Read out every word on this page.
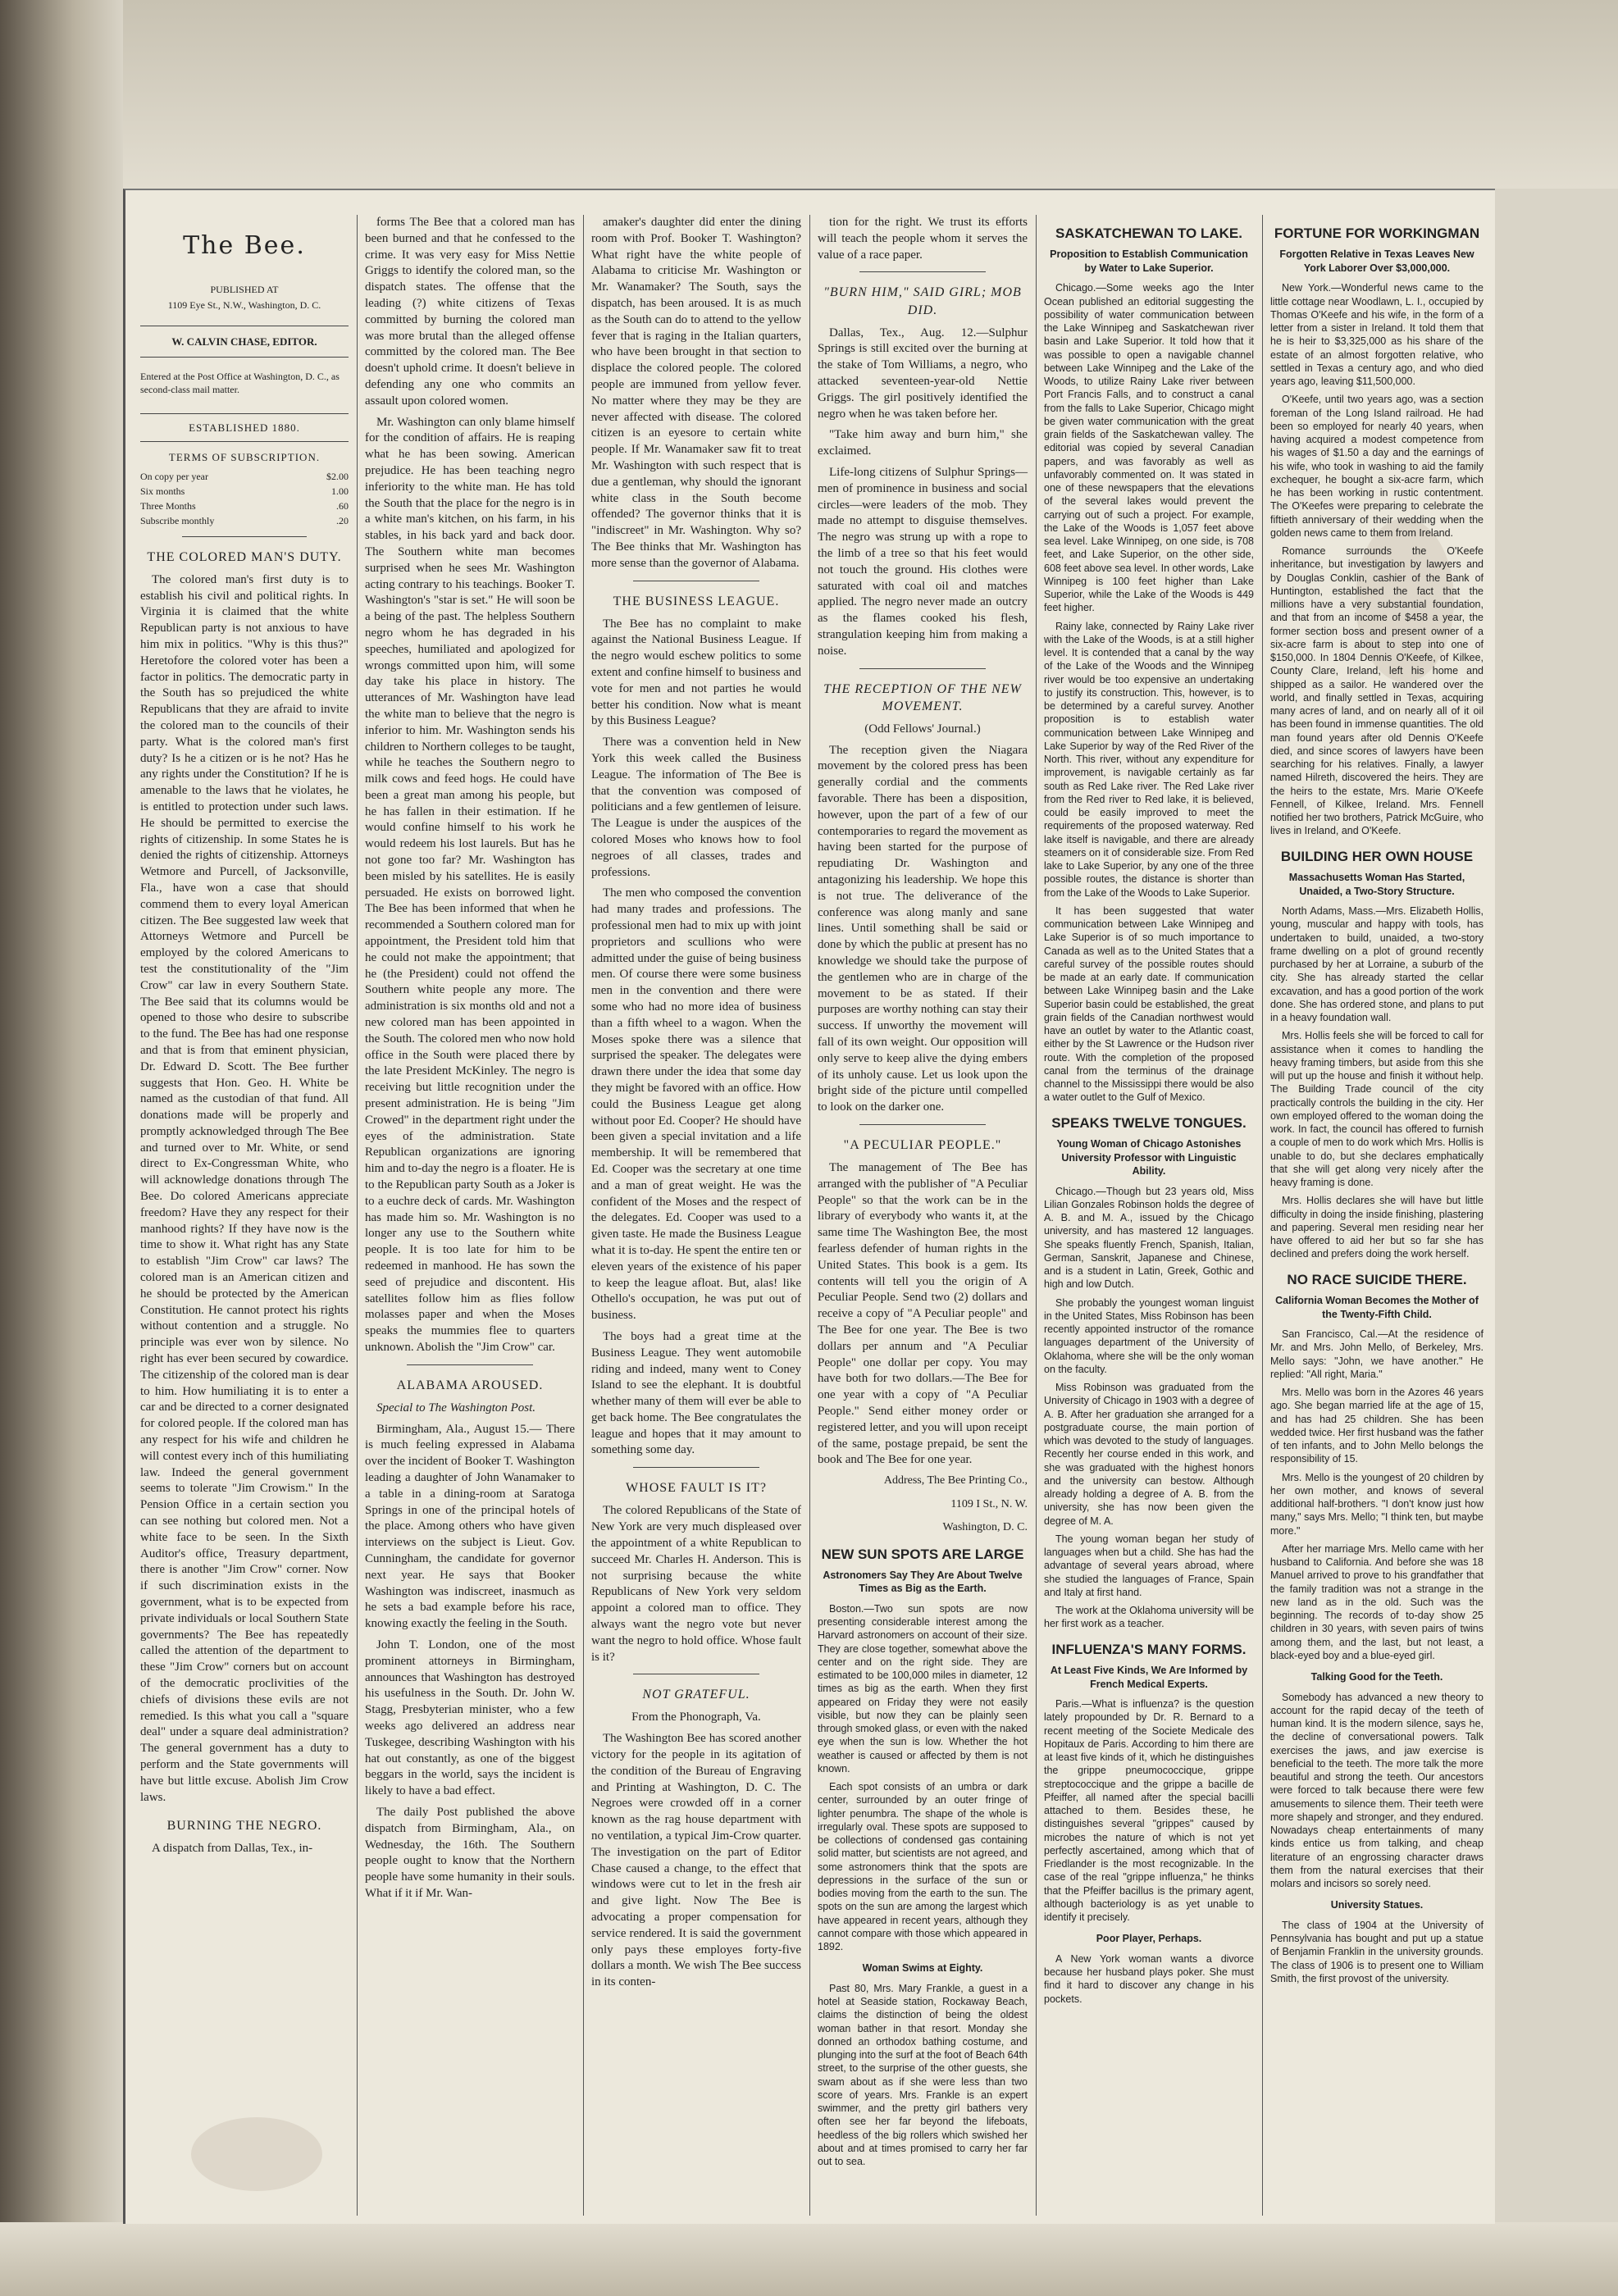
The Bee.
PUBLISHED AT
1109 Eye St., N.W., Washington, D. C.
W. CALVIN CHASE, EDITOR.
Entered at the Post Office at Washington, D. C., as second-class mail matter.
ESTABLISHED 1880.
TERMS OF SUBSCRIPTION.
On copy per year	$2.00
Six months	1.00
Three Months	.60
Subscribe monthly	.20
THE COLORED MAN'S DUTY.

The colored man's first duty is to establish his civil and political rights. In Virginia it is claimed that the white Republican party is not anxious to have him mix in politics. "Why is this thus?" Heretofore the colored voter has been a factor in politics. The democratic party in the South has so prejudiced the white Republicans that they are afraid to invite the colored man to the councils of their party. What is the colored man's first duty? Is he a citizen or is he not? Has he any rights under the Constitution? If he is amenable to the laws that he violates, he is entitled to protection under such laws. He should be permitted to exercise the rights of citizenship. In some States he is denied the rights of citizenship. Attorneys Wetmore and Purcell, of Jacksonville, Fla., have won a case that should commend them to every loyal American citizen. The Bee suggested law week that Attorneys Wetmore and Purcell be employed by the colored Americans to test the constitutionality of the "Jim Crow" car law in every Southern State. The Bee said that its columns would be opened to those who desire to subscribe to the fund. The Bee has had one response and that is from that eminent physician, Dr. Edward D. Scott. The Bee further suggests that Hon. Geo. H. White be named as the custodian of that fund. All donations made will be properly and promptly acknowledged through The Bee and turned over to Mr. White, or send direct to Ex-Congressman White, who will acknowledge donations through The Bee. Do colored Americans appreciate freedom? Have they any respect for their manhood rights? If they have now is the time to show it. What right has any State to establish "Jim Crow" car laws? The colored man is an American citizen and he should be protected by the American Constitution. He cannot protect his rights without contention and a struggle. No principle was ever won by silence. No right has ever been secured by cowardice. The citizenship of the colored man is dear to him. How humiliating it is to enter a car and be directed to a corner designated for colored people. If the colored man has any respect for his wife and children he will contest every inch of this humiliating law. Indeed the general government seems to tolerate "Jim Crowism." In the Pension Office in a certain section you can see nothing but colored men. Not a white face to be seen. In the Sixth Auditor's office, Treasury department, there is another "Jim Crow" corner. Now if such discrimination exists in the government, what is to be expected from private individuals or local Southern State governments? The Bee has repeatedly called the attention of the department to these "Jim Crow" corners but on account of the democratic proclivities of the chiefs of divisions these evils are not remedied. Is this what you call a "square deal" under a square deal administration? The general government has a duty to perform and the State governments will have but little excuse. Abolish Jim Crow laws.

BURNING THE NEGRO.

A dispatch from Dallas, Tex., in-

forms The Bee that a colored man has been burned and that he confessed to the crime. It was very easy for Miss Nettie Griggs to identify the colored man, so the dispatch states. The offense that the leading (?) white citizens of Texas committed by burning the colored man was more brutal than the alleged offense committed by the colored man. The Bee doesn't uphold crime. It doesn't believe in defending any one who commits an assault upon colored women.

Mr. Washington can only blame himself for the condition of affairs. He is reaping what he has been sowing. American prejudice. He has been teaching negro inferiority to the white man. He has told the South that the place for the negro is in a white man's kitchen, on his farm, in his stables, in his back yard and back door. The Southern white man becomes surprised when he sees Mr. Washington acting contrary to his teachings. Booker T. Washington's "star is set." He will soon be a being of the past. The helpless Southern negro whom he has degraded in his speeches, humiliated and apologized for wrongs committed upon him, will some day take his place in history. The utterances of Mr. Washington have lead the white man to believe that the negro is inferior to him. Mr. Washington sends his children to Northern colleges to be taught, while he teaches the Southern negro to milk cows and feed hogs. He could have been a great man among his people, but he has fallen in their estimation. If he would confine himself to his work he would redeem his lost laurels. But has he not gone too far? Mr. Washington has been misled by his satellites. He is easily persuaded. He exists on borrowed light. The Bee has been informed that when he recommended a Southern colored man for appointment, the President told him that he could not make the appointment; that he (the President) could not offend the Southern white people any more. The administration is six months old and not a new colored man has been appointed in the South. The colored men who now hold office in the South were placed there by the late President McKinley. The negro is receiving but little recognition under the present administration. He is being "Jim Crowed" in the department right under the eyes of the administration. State Republican organizations are ignoring him and to-day the negro is a floater. He is to the Republican party South as a Joker is to a euchre deck of cards. Mr. Washington has made him so. Mr. Washington is no longer any use to the Southern white people. It is too late for him to be redeemed in manhood. He has sown the seed of prejudice and discontent. His satellites follow him as flies follow molasses paper and when the Moses speaks the mummies flee to quarters unknown. Abolish the "Jim Crow" car.

ALABAMA AROUSED.

Special to The Washington Post.

Birmingham, Ala., August 15.— There is much feeling expressed in Alabama over the incident of Booker T. Washington leading a daughter of John Wanamaker to a table in a dining-room at Saratoga Springs in one of the principal hotels of the place. Among others who have given interviews on the subject is Lieut. Gov. Cunningham, the candidate for governor next year. He says that Booker Washington was indiscreet, inasmuch as he sets a bad example before his race, knowing exactly the feeling in the South.

John T. London, one of the most prominent attorneys in Birmingham, announces that Washington has destroyed his usefulness in the South. Dr. John W. Stagg, Presbyterian minister, who a few weeks ago delivered an address near Tuskegee, describing Washington with his hat out constantly, as one of the biggest beggars in the world, says the incident is likely to have a bad effect.

The daily Post published the above dispatch from Birmingham, Ala., on Wednesday, the 16th. The Southern people ought to know that the Northern people have some humanity in their souls. What if it if Mr. Wan-

amaker's daughter did enter the dining room with Prof. Booker T. Washington? What right have the white people of Alabama to criticise Mr. Washington or Mr. Wanamaker? The South, says the dispatch, has been aroused. It is as much as the South can do to attend to the yellow fever that is raging in the Italian quarters, who have been brought in that section to displace the colored people. The colored people are immuned from yellow fever. No matter where they may be they are never affected with disease. The colored citizen is an eyesore to certain white people. If Mr. Wanamaker saw fit to treat Mr. Washington with such respect that is due a gentleman, why should the ignorant white class in the South become offended? The governor thinks that it is "indiscreet" in Mr. Washington. Why so? The Bee thinks that Mr. Washington has more sense than the governor of Alabama.

THE BUSINESS LEAGUE.

The Bee has no complaint to make against the National Business League. If the negro would eschew politics to some extent and confine himself to business and vote for men and not parties he would better his condition. Now what is meant by this Business League?

There was a convention held in New York this week called the Business League. The information of The Bee is that the convention was composed of politicians and a few gentlemen of leisure. The League is under the auspices of the colored Moses who knows how to fool negroes of all classes, trades and professions.

The men who composed the convention had many trades and professions. The professional men had to mix up with joint proprietors and scullions who were admitted under the guise of being business men. Of course there were some business men in the convention and there were some who had no more idea of business than a fifth wheel to a wagon. When the Moses spoke there was a silence that surprised the speaker. The delegates were drawn there under the idea that some day they might be favored with an office. How could the Business League get along without poor Ed. Cooper? He should have been given a special invitation and a life membership. It will be remembered that Ed. Cooper was the secretary at one time and a man of great weight. He was the confident of the Moses and the respect of the delegates. Ed. Cooper was used to a given taste. He made the Business League what it is to-day. He spent the entire ten or eleven years of the existence of his paper to keep the league afloat. But, alas! like Othello's occupation, he was put out of business.

The boys had a great time at the Business League. They went automobile riding and indeed, many went to Coney Island to see the elephant. It is doubtful whether many of them will ever be able to get back home. The Bee congratulates the league and hopes that it may amount to something some day.

WHOSE FAULT IS IT?

The colored Republicans of the State of New York are very much displeased over the appointment of a white Republican to succeed Mr. Charles H. Anderson. This is not surprising because the white Republicans of New York very seldom appoint a colored man to office. They always want the negro vote but never want the negro to hold office. Whose fault is it?

NOT GRATEFUL.

From the Phonograph, Va.

The Washington Bee has scored another victory for the people in its agitation of the condition of the Bureau of Engraving and Printing at Washington, D. C. The Negroes were crowded off in a corner known as the rag house department with no ventilation, a typical Jim-Crow quarter. The investigation on the part of Editor Chase caused a change, to the effect that windows were cut to let in the fresh air and give light. Now The Bee is advocating a proper compensation for service rendered. It is said the government only pays these employes forty-five dollars a month. We wish The Bee success in its conten-

tion for the right. We trust its efforts will teach the people whom it serves the value of a race paper.

"BURN HIM," SAID GIRL; MOB DID.

Dallas, Tex., Aug. 12.—Sulphur Springs is still excited over the burning at the stake of Tom Williams, a negro, who attacked seventeen-year-old Nettie Griggs. The girl positively identified the negro when he was taken before her.

"Take him away and burn him," she exclaimed.

Life-long citizens of Sulphur Springs—men of prominence in business and social circles—were leaders of the mob. They made no attempt to disguise themselves. The negro was strung up with a rope to the limb of a tree so that his feet would not touch the ground. His clothes were saturated with coal oil and matches applied. The negro never made an outcry as the flames cooked his flesh, strangulation keeping him from making a noise.

THE RECEPTION OF THE NEW MOVEMENT.

(Odd Fellows' Journal.)

The reception given the Niagara movement by the colored press has been generally cordial and the comments favorable. There has been a disposition, however, upon the part of a few of our contemporaries to regard the movement as having been started for the purpose of repudiating Dr. Washington and antagonizing his leadership. We hope this is not true. The deliverance of the conference was along manly and sane lines. Until something shall be said or done by which the public at present has no knowledge we should take the purpose of the gentlemen who are in charge of the movement to be as stated. If their purposes are worthy nothing can stay their success. If unworthy the movement will fall of its own weight. Our opposition will only serve to keep alive the dying embers of its unholy cause. Let us look upon the bright side of the picture until compelled to look on the darker one.

"A PECULIAR PEOPLE."

The management of The Bee has arranged with the publisher of "A Peculiar People" so that the work can be in the library of everybody who wants it, at the same time The Washington Bee, the most fearless defender of human rights in the United States. This book is a gem. Its contents will tell you the origin of A Peculiar People. Send two (2) dollars and receive a copy of "A Peculiar people" and The Bee for one year. The Bee is two dollars per annum and "A Peculiar People" one dollar per copy. You may have both for two dollars.—The Bee for one year with a copy of "A Peculiar People." Send either money order or registered letter, and you will upon receipt of the same, postage prepaid, be sent the book and The Bee for one year.

Address, The Bee Printing Co.,
1109 I St., N. W.
Washington, D. C.
NEW SUN SPOTS ARE LARGE
Astronomers Say They Are About Twelve Times as Big as the Earth.

Boston.—Two sun spots are now presenting considerable interest among the Harvard astronomers on account of their size. They are close together, somewhat above the center and on the right side. They are estimated to be 100,000 miles in diameter, 12 times as big as the earth. When they first appeared on Friday they were not easily visible, but now they can be plainly seen through smoked glass, or even with the naked eye when the sun is low. Whether the hot weather is caused or affected by them is not known.

Each spot consists of an umbra or dark center, surrounded by an outer fringe of lighter penumbra. The shape of the whole is irregularly oval. These spots are supposed to be collections of condensed gas containing solid matter, but scientists are not agreed, and some astronomers think that the spots are depressions in the surface of the sun or bodies moving from the earth to the sun. The spots on the sun are among the largest which have appeared in recent years, although they cannot compare with those which appeared in 1892.

Woman Swims at Eighty.

Past 80, Mrs. Mary Frankle, a guest in a hotel at Seaside station, Rockaway Beach, claims the distinction of being the oldest woman bather in that resort. Monday she donned an orthodox bathing costume, and plunging into the surf at the foot of Beach 64th street, to the surprise of the other guests, she swam about as if she were less than two score of years. Mrs. Frankle is an expert swimmer, and the pretty girl bathers very often see her far beyond the lifeboats, heedless of the big rollers which swished her about and at times promised to carry her far out to sea.

SASKATCHEWAN TO LAKE.
Proposition to Establish Communication by Water to Lake Superior.

Chicago.—Some weeks ago the Inter Ocean published an editorial suggesting the possibility of water communication between the Lake Winnipeg and Saskatchewan river basin and Lake Superior. It told how that it was possible to open a navigable channel between Lake Winnipeg and the Lake of the Woods, to utilize Rainy Lake river between Port Francis Falls, and to construct a canal from the falls to Lake Superior, Chicago might be given water communication with the great grain fields of the Saskatchewan valley. The editorial was copied by several Canadian papers, and was favorably as well as unfavorably commented on. It was stated in one of these newspapers that the elevations of the several lakes would prevent the carrying out of such a project. For example, the Lake of the Woods is 1,057 feet above sea level. Lake Winnipeg, on one side, is 708 feet, and Lake Superior, on the other side, 608 feet above sea level. In other words, Lake Winnipeg is 100 feet higher than Lake Superior, while the Lake of the Woods is 449 feet higher.

Rainy lake, connected by Rainy Lake river with the Lake of the Woods, is at a still higher level. It is contended that a canal by the way of the Lake of the Woods and the Winnipeg river would be too expensive an undertaking to justify its construction. This, however, is to be determined by a careful survey. Another proposition is to establish water communication between Lake Winnipeg and Lake Superior by way of the Red River of the North. This river, without any expenditure for improvement, is navigable certainly as far south as Red Lake river. The Red Lake river from the Red river to Red lake, it is believed, could be easily improved to meet the requirements of the proposed waterway. Red lake itself is navigable, and there are already steamers on it of considerable size. From Red lake to Lake Superior, by any one of the three possible routes, the distance is shorter than from the Lake of the Woods to Lake Superior.

It has been suggested that water communication between Lake Winnipeg and Lake Superior is of so much importance to Canada as well as to the United States that a careful survey of the possible routes should be made at an early date. If communication between Lake Winnipeg basin and the Lake Superior basin could be established, the great grain fields of the Canadian northwest would have an outlet by water to the Atlantic coast, either by the St Lawrence or the Hudson river route. With the completion of the proposed canal from the terminus of the drainage channel to the Mississippi there would be also a water outlet to the Gulf of Mexico.

SPEAKS TWELVE TONGUES.
Young Woman of Chicago Astonishes University Professor with Linguistic Ability.

Chicago.—Though but 23 years old, Miss Lilian Gonzales Robinson holds the degree of A. B. and M. A., issued by the Chicago university, and has mastered 12 languages. She speaks fluently French, Spanish, Italian, German, Sanskrit, Japanese and Chinese, and is a student in Latin, Greek, Gothic and high and low Dutch.

She probably the youngest woman linguist in the United States, Miss Robinson has been recently appointed instructor of the romance languages department of the University of Oklahoma, where she will be the only woman on the faculty.

Miss Robinson was graduated from the University of Chicago in 1903 with a degree of A. B. After her graduation she arranged for a postgraduate course, the main portion of which was devoted to the study of languages. Recently her course ended in this work, and she was graduated with the highest honors and the university can bestow. Although already holding a degree of A. B. from the university, she has now been given the degree of M. A.

The young woman began her study of languages when but a child. She has had the advantage of several years abroad, where she studied the languages of France, Spain and Italy at first hand.

The work at the Oklahoma university will be her first work as a teacher.

INFLUENZA'S MANY FORMS.
At Least Five Kinds, We Are Informed by French Medical Experts.

Paris.—What is influenza? is the question lately propounded by Dr. R. Bernard to a recent meeting of the Societe Medicale des Hopitaux de Paris. According to him there are at least five kinds of it, which he distinguishes the grippe pneumococcique, grippe streptococcique and the grippe a bacille de Pfeiffer, all named after the special bacilli attached to them. Besides these, he distinguishes several "grippes" caused by microbes the nature of which is not yet perfectly ascertained, among which that of Friedlander is the most recognizable. In the case of the real "grippe influenza," he thinks that the Pfeiffer bacillus is the primary agent, although bacteriology is as yet unable to identify it precisely.

Poor Player, Perhaps.

A New York woman wants a divorce because her husband plays poker. She must find it hard to discover any change in his pockets.

FORTUNE FOR WORKINGMAN
Forgotten Relative in Texas Leaves New York Laborer Over $3,000,000.

New York.—Wonderful news came to the little cottage near Woodlawn, L. I., occupied by Thomas O'Keefe and his wife, in the form of a letter from a sister in Ireland. It told them that he is heir to $3,325,000 as his share of the estate of an almost forgotten relative, who settled in Texas a century ago, and who died years ago, leaving $11,500,000.

O'Keefe, until two years ago, was a section foreman of the Long Island railroad. He had been so employed for nearly 40 years, when having acquired a modest competence from his wages of $1.50 a day and the earnings of his wife, who took in washing to aid the family exchequer, he bought a six-acre farm, which he has been working in rustic contentment. The O'Keefes were preparing to celebrate the fiftieth anniversary of their wedding when the golden news came to them from Ireland.

Romance surrounds the O'Keefe inheritance, but investigation by lawyers and by Douglas Conklin, cashier of the Bank of Huntington, established the fact that the millions have a very substantial foundation, and that from an income of $458 a year, the former section boss and present owner of a six-acre farm is about to step into one of $150,000. In 1804 Dennis O'Keefe, of Kilkee, County Clare, Ireland, left his home and shipped as a sailor. He wandered over the world, and finally settled in Texas, acquiring many acres of land, and on nearly all of it oil has been found in immense quantities. The old man found years after old Dennis O'Keefe died, and since scores of lawyers have been searching for his relatives. Finally, a lawyer named Hilreth, discovered the heirs. They are the heirs to the estate, Mrs. Marie O'Keefe Fennell, of Kilkee, Ireland. Mrs. Fennell notified her two brothers, Patrick McGuire, who lives in Ireland, and O'Keefe.

BUILDING HER OWN HOUSE
Massachusetts Woman Has Started, Unaided, a Two-Story Structure.

North Adams, Mass.—Mrs. Elizabeth Hollis, young, muscular and happy with tools, has undertaken to build, unaided, a two-story frame dwelling on a plot of ground recently purchased by her at Lorraine, a suburb of the city. She has already started the cellar excavation, and has a good portion of the work done. She has ordered stone, and plans to put in a heavy foundation wall.

Mrs. Hollis feels she will be forced to call for assistance when it comes to handling the heavy framing timbers, but aside from this she will put up the house and finish it without help. The Building Trade council of the city practically controls the building in the city. Her own employed offered to the woman doing the work. In fact, the council has offered to furnish a couple of men to do work which Mrs. Hollis is unable to do, but she declares emphatically that she will get along very nicely after the heavy framing is done.

Mrs. Hollis declares she will have but little difficulty in doing the inside finishing, plastering and papering. Several men residing near her have offered to aid her but so far she has declined and prefers doing the work herself.

NO RACE SUICIDE THERE.
California Woman Becomes the Mother of the Twenty-Fifth Child.

San Francisco, Cal.—At the residence of Mr. and Mrs. John Mello, of Berkeley, Mrs. Mello says: "John, we have another." He replied: "All right, Maria."

Mrs. Mello was born in the Azores 46 years ago. She began married life at the age of 15, and has had 25 children. She has been wedded twice. Her first husband was the father of ten infants, and to John Mello belongs the responsibility of 15.

Mrs. Mello is the youngest of 20 children by her own mother, and knows of several additional half-brothers. "I don't know just how many," says Mrs. Mello; "I think ten, but maybe more."

After her marriage Mrs. Mello came with her husband to California. And before she was 18 Manuel arrived to prove to his grandfather that the family tradition was not a strange in the new land as in the old. Such was the beginning. The records of to-day show 25 children in 30 years, with seven pairs of twins among them, and the last, but not least, a black-eyed boy and a blue-eyed girl.

Talking Good for the Teeth.

Somebody has advanced a new theory to account for the rapid decay of the teeth of human kind. It is the modern silence, says he, the decline of conversational powers. Talk exercises the jaws, and jaw exercise is beneficial to the teeth. The more talk the more beautiful and strong the teeth. Our ancestors were forced to talk because there were few amusements to silence them. Their teeth were more shapely and stronger, and they endured. Nowadays cheap entertainments of many kinds entice us from talking, and cheap literature of an engrossing character draws them from the natural exercises that their molars and incisors so sorely need.

University Statues.

The class of 1904 at the University of Pennsylvania has bought and put up a statue of Benjamin Franklin in the university grounds. The class of 1906 is to present one to William Smith, the first provost of the university.
